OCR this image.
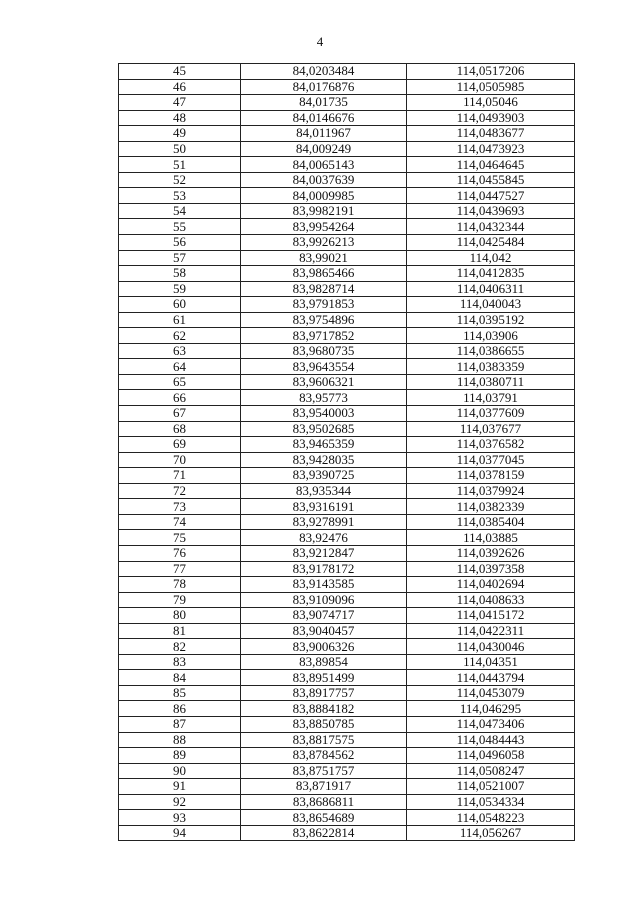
4
45	84,0203484	114,0517206
46	84,0176876	114,0505985
47	84,01735	114,05046
48	84,0146676	114,0493903
49	84,011967	114,0483677
50	84,009249	114,0473923
51	84,0065143	114,0464645
52	84,0037639	114,0455845
53	84,0009985	114,0447527
54	83,9982191	114,0439693
55	83,9954264	114,0432344
56	83,9926213	114,0425484
57	83,99021	114,042
58	83,9865466	114,0412835
59	83,9828714	114,0406311
60	83,9791853	114,040043
61	83,9754896	114,0395192
62	83,9717852	114,03906
63	83,9680735	114,0386655
64	83,9643554	114,0383359
65	83,9606321	114,0380711
66	83,95773	114,03791
67	83,9540003	114,0377609
68	83,9502685	114,037677
69	83,9465359	114,0376582
70	83,9428035	114,0377045
71	83,9390725	114,0378159
72	83,935344	114,0379924
73	83,9316191	114,0382339
74	83,9278991	114,0385404
75	83,92476	114,03885
76	83,9212847	114,0392626
77	83,9178172	114,0397358
78	83,9143585	114,0402694
79	83,9109096	114,0408633
80	83,9074717	114,0415172
81	83,9040457	114,0422311
82	83,9006326	114,0430046
83	83,89854	114,04351
84	83,8951499	114,0443794
85	83,8917757	114,0453079
86	83,8884182	114,046295
87	83,8850785	114,0473406
88	83,8817575	114,0484443
89	83,8784562	114,0496058
90	83,8751757	114,0508247
91	83,871917	114,0521007
92	83,8686811	114,0534334
93	83,8654689	114,0548223
94	83,8622814	114,056267
